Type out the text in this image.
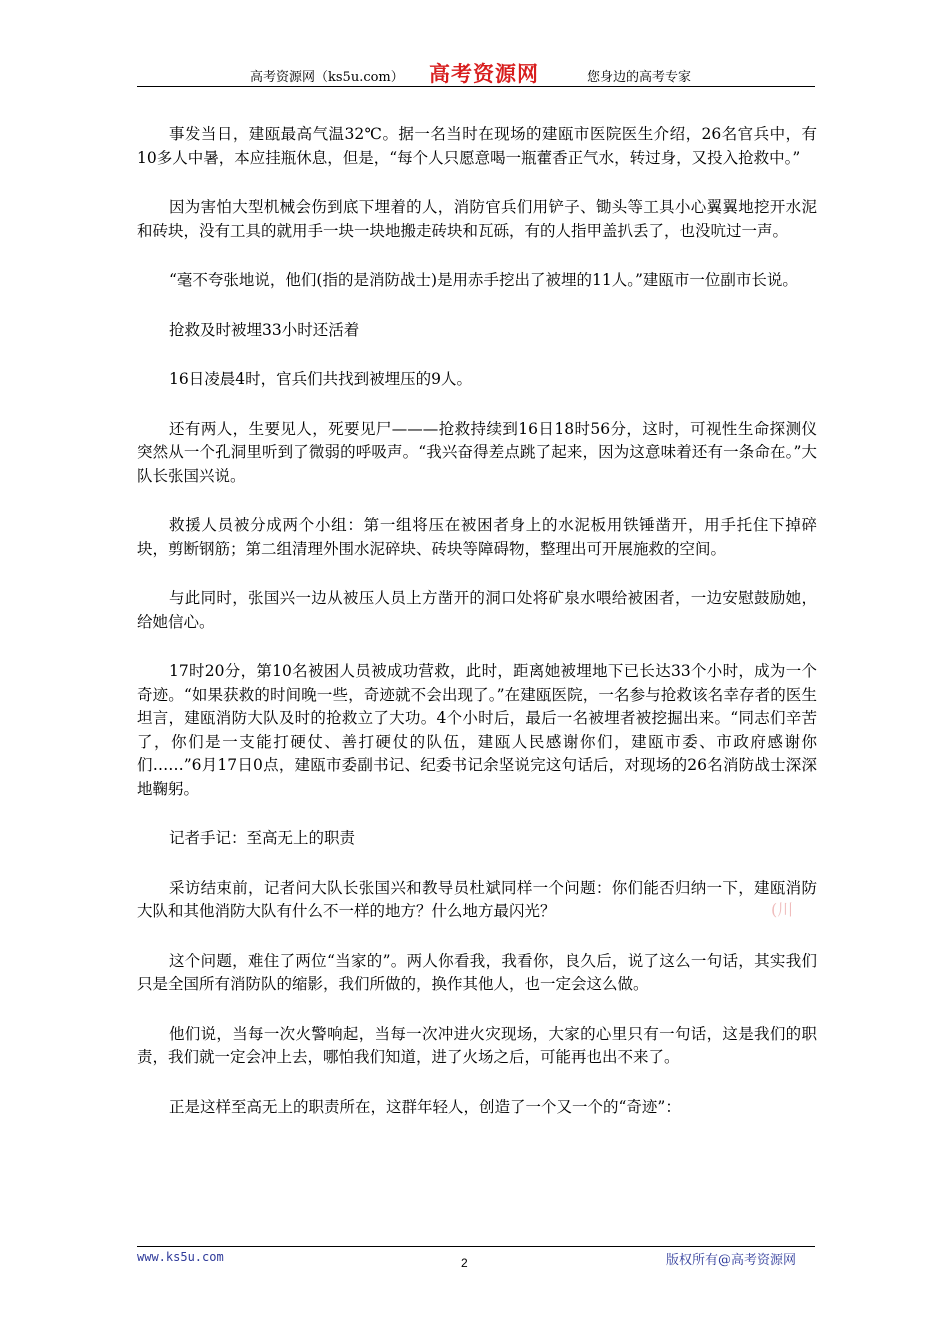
高考资源网（ks5u.com） 高考资源网	您身边的高考专家

事发当日，建瓯最高气温32℃。据一名当时在现场的建瓯市医院医生介绍，26名官兵中，有10多人中暑，本应挂瓶休息，但是，“每个人只愿意喝一瓶藿香正气水，转过身，又投入抢救中。”

因为害怕大型机械会伤到底下埋着的人，消防官兵们用铲子、锄头等工具小心翼翼地挖开水泥和砖块，没有工具的就用手一块一块地搬走砖块和瓦砾，有的人指甲盖扒丢了，也没吭过一声。

“毫不夸张地说，他们(指的是消防战士)是用赤手挖出了被埋的11人。”建瓯市一位副市长说。

抢救及时被埋33小时还活着

16日凌晨4时，官兵们共找到被埋压的9人。

还有两人，生要见人，死要见尸———抢救持续到16日18时56分，这时，可视性生命探测仪突然从一个孔洞里听到了微弱的呼吸声。“我兴奋得差点跳了起来，因为这意味着还有一条命在。”大队长张国兴说。

救援人员被分成两个小组：第一组将压在被困者身上的水泥板用铁锤凿开，用手托住下掉碎块，剪断钢筋；第二组清理外围水泥碎块、砖块等障碍物，整理出可开展施救的空间。

与此同时，张国兴一边从被压人员上方凿开的洞口处将矿泉水喂给被困者，一边安慰鼓励她，给她信心。

17时20分，第10名被困人员被成功营救，此时，距离她被埋地下已长达33个小时，成为一个奇迹。“如果获救的时间晚一些，奇迹就不会出现了。”在建瓯医院，一名参与抢救该名幸存者的医生坦言，建瓯消防大队及时的抢救立了大功。4个小时后，最后一名被埋者被挖掘出来。“同志们辛苦了，你们是一支能打硬仗、善打硬仗的队伍，建瓯人民感谢你们，建瓯市委、市政府感谢你们……”6月17日0点，建瓯市委副书记、纪委书记余坚说完这句话后，对现场的26名消防战士深深地鞠躬。

记者手记：至高无上的职责

采访结束前，记者问大队长张国兴和教导员杜斌同样一个问题：你们能否归纳一下，建瓯消防大队和其他消防大队有什么不一样的地方？什么地方最闪光？

这个问题，难住了两位“当家的”。两人你看我，我看你，良久后，说了这么一句话，其实我们只是全国所有消防队的缩影，我们所做的，换作其他人，也一定会这么做。

他们说，当每一次火警响起，当每一次冲进火灾现场，大家的心里只有一句话，这是我们的职责，我们就一定会冲上去，哪怕我们知道，进了火场之后，可能再也出不来了。

正是这样至高无上的职责所在，这群年轻人，创造了一个又一个的“奇迹”：

(川
www.ks5u.com	2	版权所有@高考资源网
